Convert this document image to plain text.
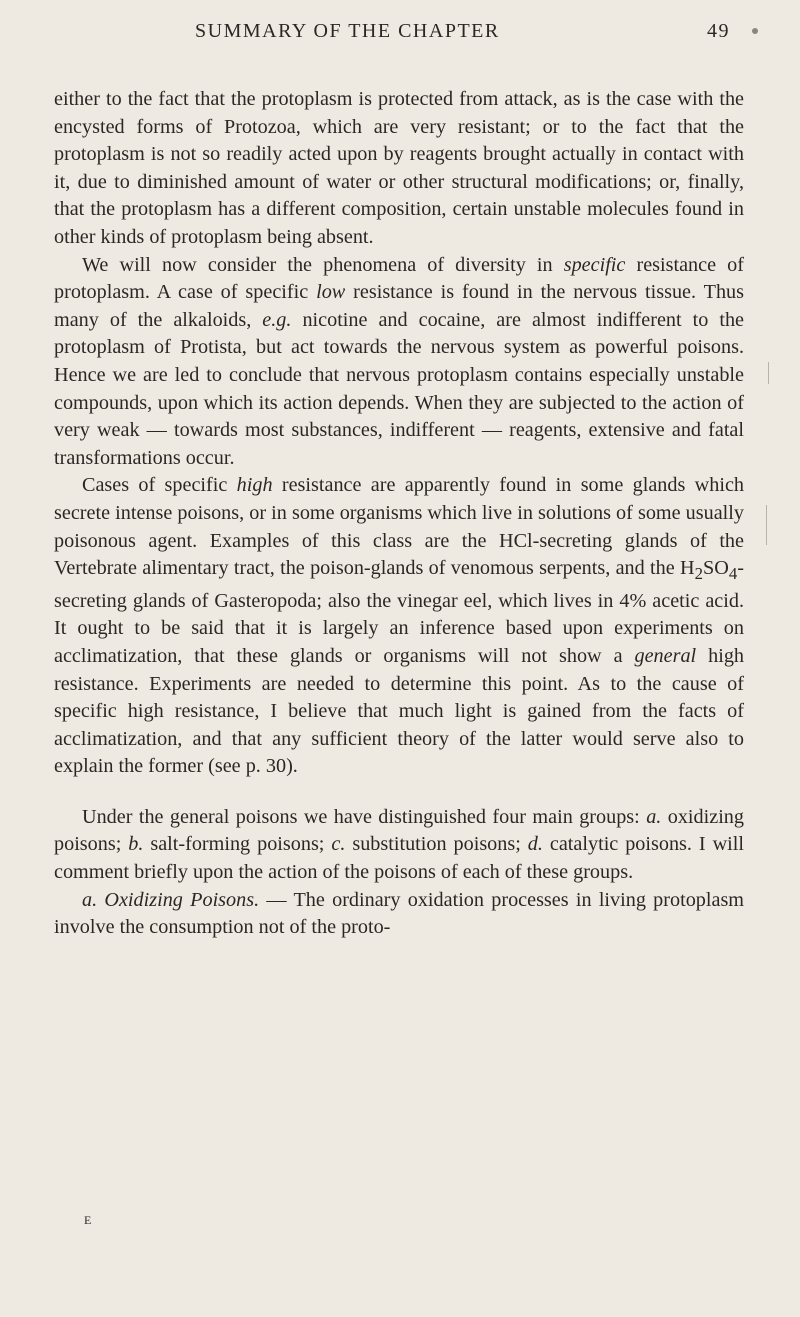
SUMMARY OF THE CHAPTER	49

either to the fact that the protoplasm is protected from attack, as is the case with the encysted forms of Protozoa, which are very resistant; or to the fact that the protoplasm is not so readily acted upon by reagents brought actually in contact with it, due to diminished amount of water or other structural modifications; or, finally, that the protoplasm has a different composition, certain unstable molecules found in other kinds of protoplasm being absent.

We will now consider the phenomena of diversity in specific resistance of protoplasm. A case of specific low resistance is found in the nervous tissue. Thus many of the alkaloids, e.g. nicotine and cocaine, are almost indifferent to the protoplasm of Protista, but act towards the nervous system as powerful poisons. Hence we are led to conclude that nervous protoplasm contains especially unstable compounds, upon which its action depends. When they are subjected to the action of very weak — towards most substances, indifferent — reagents, extensive and fatal transformations occur.

Cases of specific high resistance are apparently found in some glands which secrete intense poisons, or in some organisms which live in solutions of some usually poisonous agent. Examples of this class are the HCl-secreting glands of the Vertebrate alimentary tract, the poison-glands of venomous serpents, and the $H_2SO_4$-secreting glands of Gasteropoda; also the vinegar eel, which lives in 4% acetic acid. It ought to be said that it is largely an inference based upon experiments on acclimatization, that these glands or organisms will not show a general high resistance. Experiments are needed to determine this point. As to the cause of specific high resistance, I believe that much light is gained from the facts of acclimatization, and that any sufficient theory of the latter would serve also to explain the former (see p. 30).

Under the general poisons we have distinguished four main groups: a. oxidizing poisons; b. salt-forming poisons; c. substitution poisons; d. catalytic poisons. I will comment briefly upon the action of the poisons of each of these groups.

a. Oxidizing Poisons. — The ordinary oxidation processes in living protoplasm involve the consumption not of the proto-

E
